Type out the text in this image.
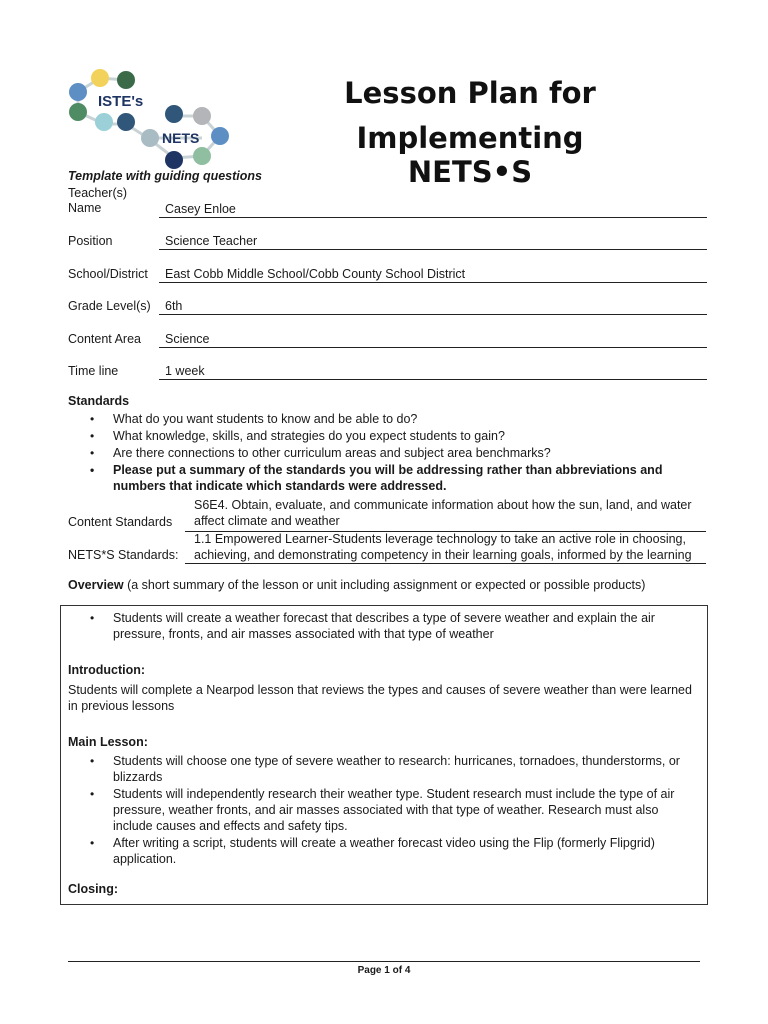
ISTE's
NETS
Lesson Plan for
Implementing NETS•S
Template with guiding questions
Teacher(s)
Name	Casey Enloe
Position	Science Teacher
School/District East Cobb Middle School/Cobb County School District
Grade Level(s) 6th
Content Area Science
Time line	1 week
Standards
• What do you want students to know and be able to do?
• What knowledge, skills, and strategies do you expect students to gain?
• Are there connections to other curriculum areas and subject area benchmarks?
• Please put a summary of the standards you will be addressing rather than abbreviations and numbers that indicate which standards were addressed.
Content Standards
S6E4. Obtain, evaluate, and communicate information about how the sun, land, and water
affect climate and weather
NETS*S Standards:
1.1 Empowered Learner-Students leverage technology to take an active role in choosing,
achieving, and demonstrating competency in their learning goals, informed by the learning
Overview (a short summary of the lesson or unit including assignment or expected or possible products)
• Students will create a weather forecast that describes a type of severe weather and explain the air pressure, fronts, and air masses associated with that type of weather
Introduction:
Students will complete a Nearpod lesson that reviews the types and causes of severe weather than were learned in previous lessons
Main Lesson:
• Students will choose one type of severe weather to research: hurricanes, tornadoes, thunderstorms, or blizzards
• Students will independently research their weather type. Student research must include the type of air pressure, weather fronts, and air masses associated with that type of weather. Research must also include causes and effects and safety tips.
• After writing a script, students will create a weather forecast video using the Flip (formerly Flipgrid) application.
Closing:
Page 1 of 4
